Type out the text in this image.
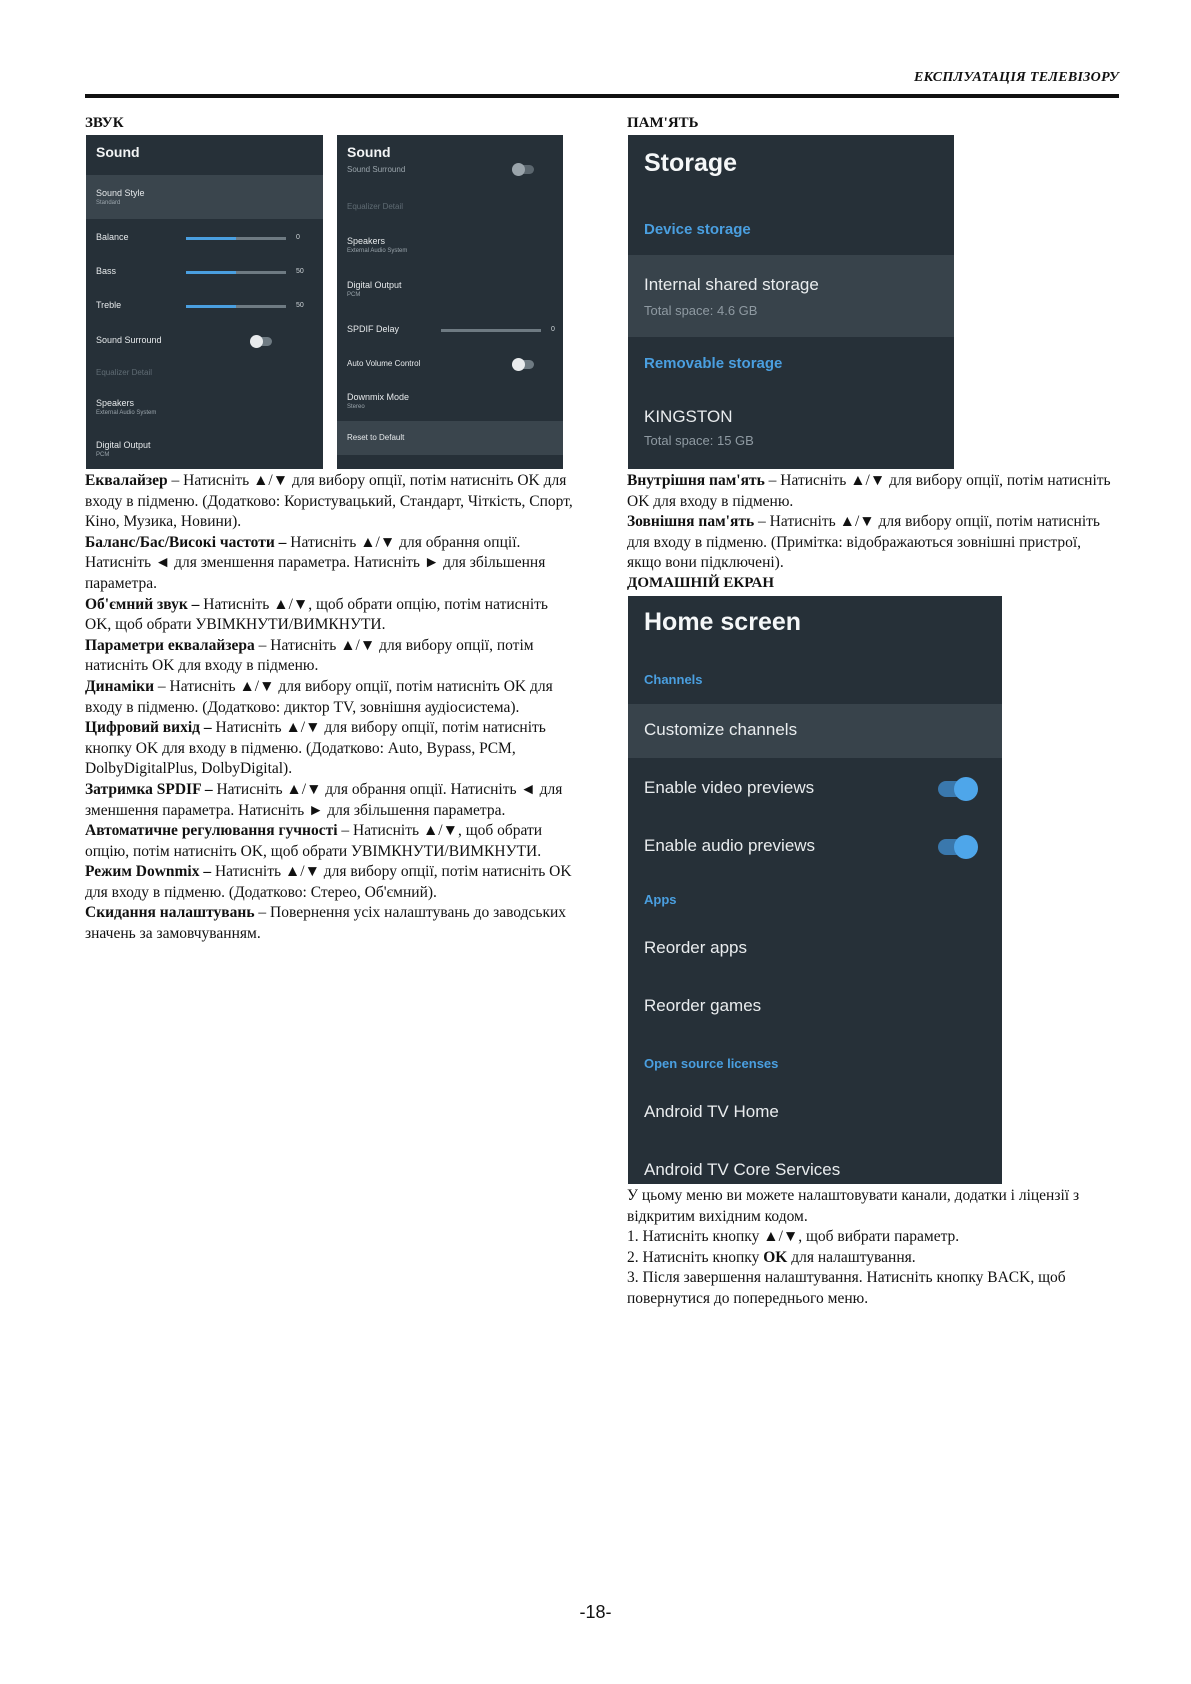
ЕКСПЛУАТАЦІЯ ТЕЛЕВІЗОРУ
ЗВУК	ПАМ'ЯТЬ
ДОМАШНІЙ ЕКРАН
Sound
Sound Style
Standard
Balance	0
Bass	50
Treble	50
Sound Surround
Equalizer Detail
Speakers
External Audio System
Digital Output
PCM
Sound
Sound Surround
Equalizer Detail
Speakers
External Audio System
Digital Output
PCM
SPDIF Delay	0
Auto Volume Control
Downmix Mode
Stereo
Reset to Default
Storage
Device storage
Internal shared storage
Total space: 4.6 GB
Removable storage
KINGSTON
Total space: 15 GB
Home screen
Channels
Customize channels
Enable video previews
Enable audio previews
Apps
Reorder apps
Reorder games
Open source licenses
Android TV Home
Android TV Core Services

Еквалайзер – Натисніть ▲/▼ для вибору опції, потім натисніть OK для входу в підменю. (Додатково: Користувацький, Стандарт, Чіткість, Спорт, Кіно, Музика, Новини).

Баланс/Бас/Високі частоти – Натисніть ▲/▼ для обрання опції. Натисніть ◄ для зменшення параметра. Натисніть ► для збільшення параметра.

Об'ємний звук – Натисніть ▲/▼, щоб обрати опцію, потім натисніть OK, щоб обрати УВІМКНУТИ/ВИМКНУТИ.

Параметри еквалайзера – Натисніть ▲/▼ для вибору опції, потім натисніть OK для входу в підменю.

Динаміки – Натисніть ▲/▼ для вибору опції, потім натисніть OK для входу в підменю. (Додатково: диктор TV, зовнішня аудіосистема).

Цифровий вихід – Натисніть ▲/▼ для вибору опції, потім натисніть кнопку OK для входу в підменю. (Додатково: Auto, Bypass, PCM, DolbyDigitalPlus, DolbyDigital).

Затримка SPDIF – Натисніть ▲/▼ для обрання опції. Натисніть ◄ для зменшення параметра. Натисніть ► для збільшення параметра.

Автоматичне регулювання гучності – Натисніть ▲/▼, щоб обрати опцію, потім натисніть OK, щоб обрати УВІМКНУТИ/ВИМКНУТИ.

Режим Downmix – Натисніть ▲/▼ для вибору опції, потім натисніть OK для входу в підменю. (Додатково: Стерео, Об'ємний).

Скидання налаштувань – Повернення усіх налаштувань до заводських значень за замовчуванням.

Внутрішня пам'ять – Натисніть ▲/▼ для вибору опції, потім натисніть OK для входу в підменю.

Зовнішня пам'ять – Натисніть ▲/▼ для вибору опції, потім натисніть        для входу в підменю. (Примітка: відображаються зовнішні пристрої, якщо вони підключені).

У цьому меню ви можете налаштовувати канали, додатки і ліцензії з відкритим вихідним кодом.

1. Натисніть кнопку ▲/▼, щоб вибрати параметр.

2. Натисніть кнопку OK для налаштування.

3. Після завершення налаштування. Натисніть кнопку BACK, щоб повернутися до попереднього меню.

-18-
